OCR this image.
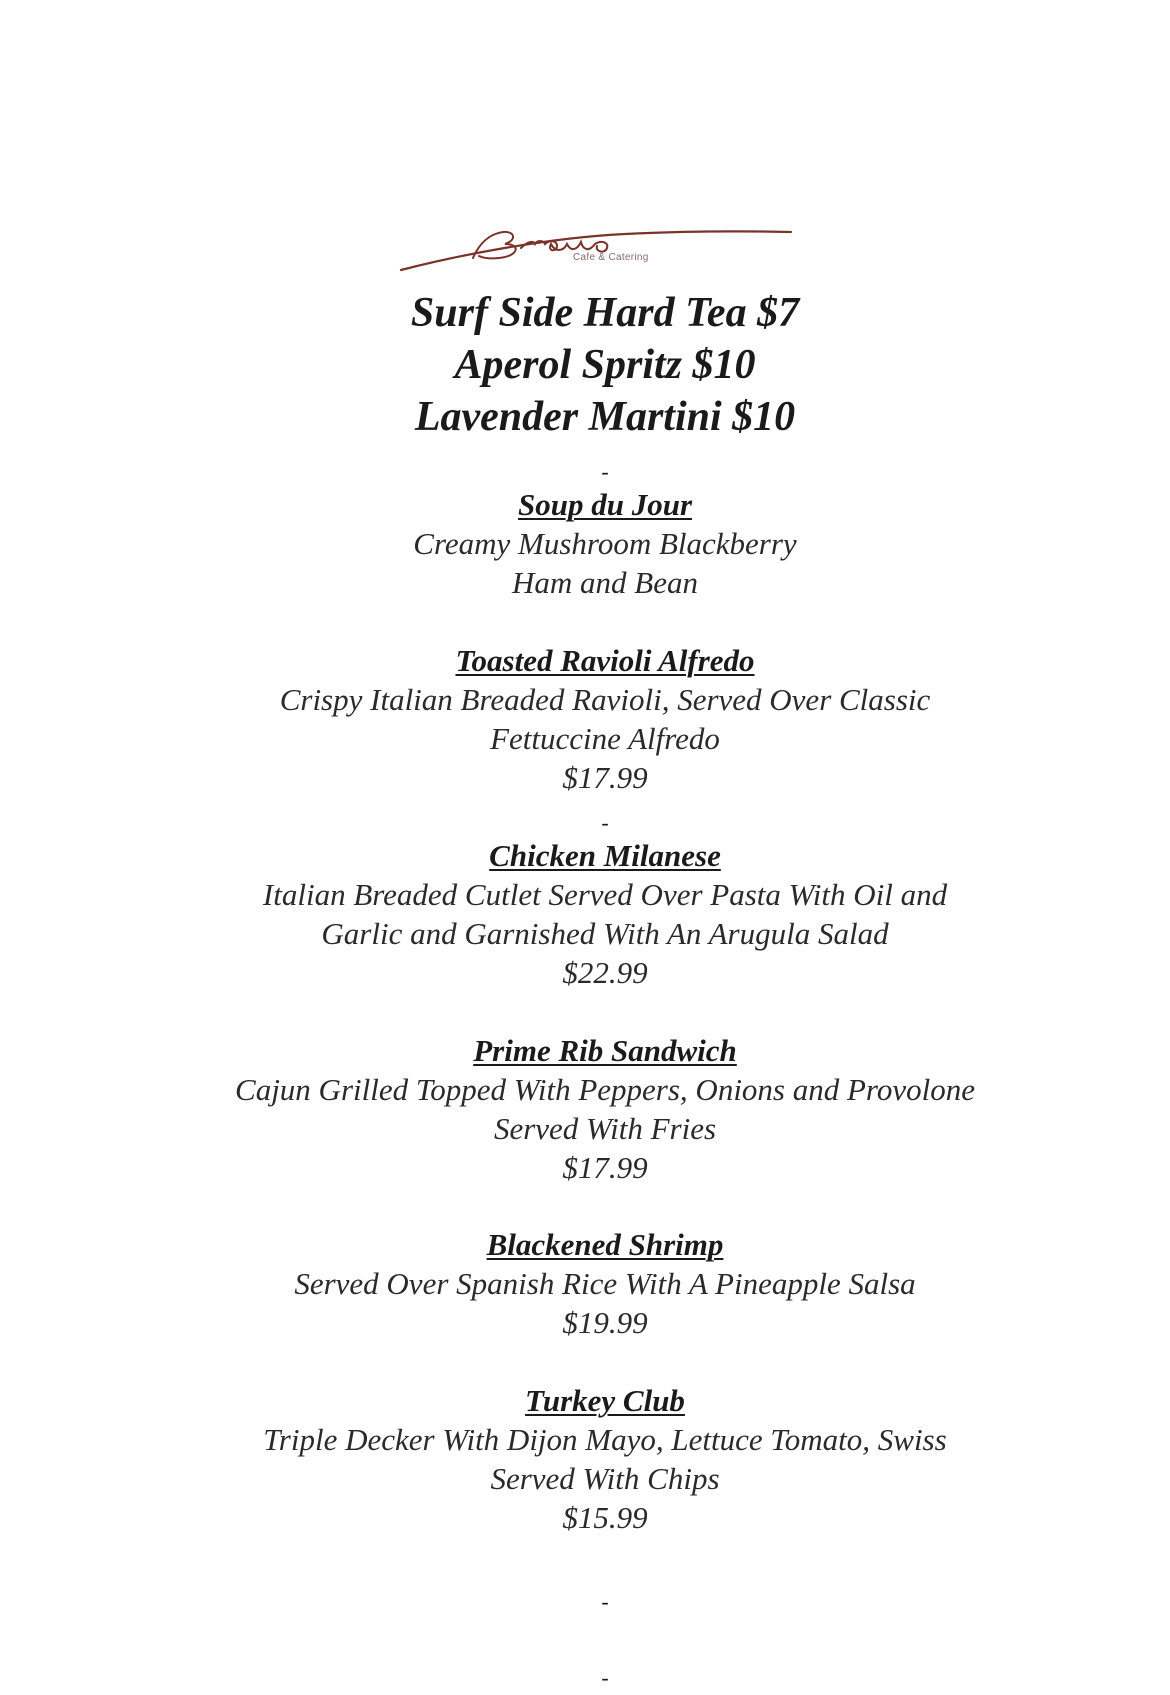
Cafe & Catering
Surf Side Hard Tea $7
Aperol Spritz $10
Lavender Martini $10
-
Soup du Jour
Creamy Mushroom Blackberry
Ham and Bean
Toasted Ravioli Alfredo
Crispy Italian Breaded Ravioli, Served Over Classic
Fettuccine Alfredo
$17.99
-
Chicken Milanese
Italian Breaded Cutlet Served Over Pasta With Oil and
Garlic and Garnished With An Arugula Salad
$22.99
Prime Rib Sandwich
Cajun Grilled Topped With Peppers, Onions and Provolone
Served With Fries
$17.99
Blackened Shrimp
Served Over Spanish Rice With A Pineapple Salsa
$19.99
Turkey Club
Triple Decker With Dijon Mayo, Lettuce Tomato, Swiss
Served With Chips
$15.99
-
-
